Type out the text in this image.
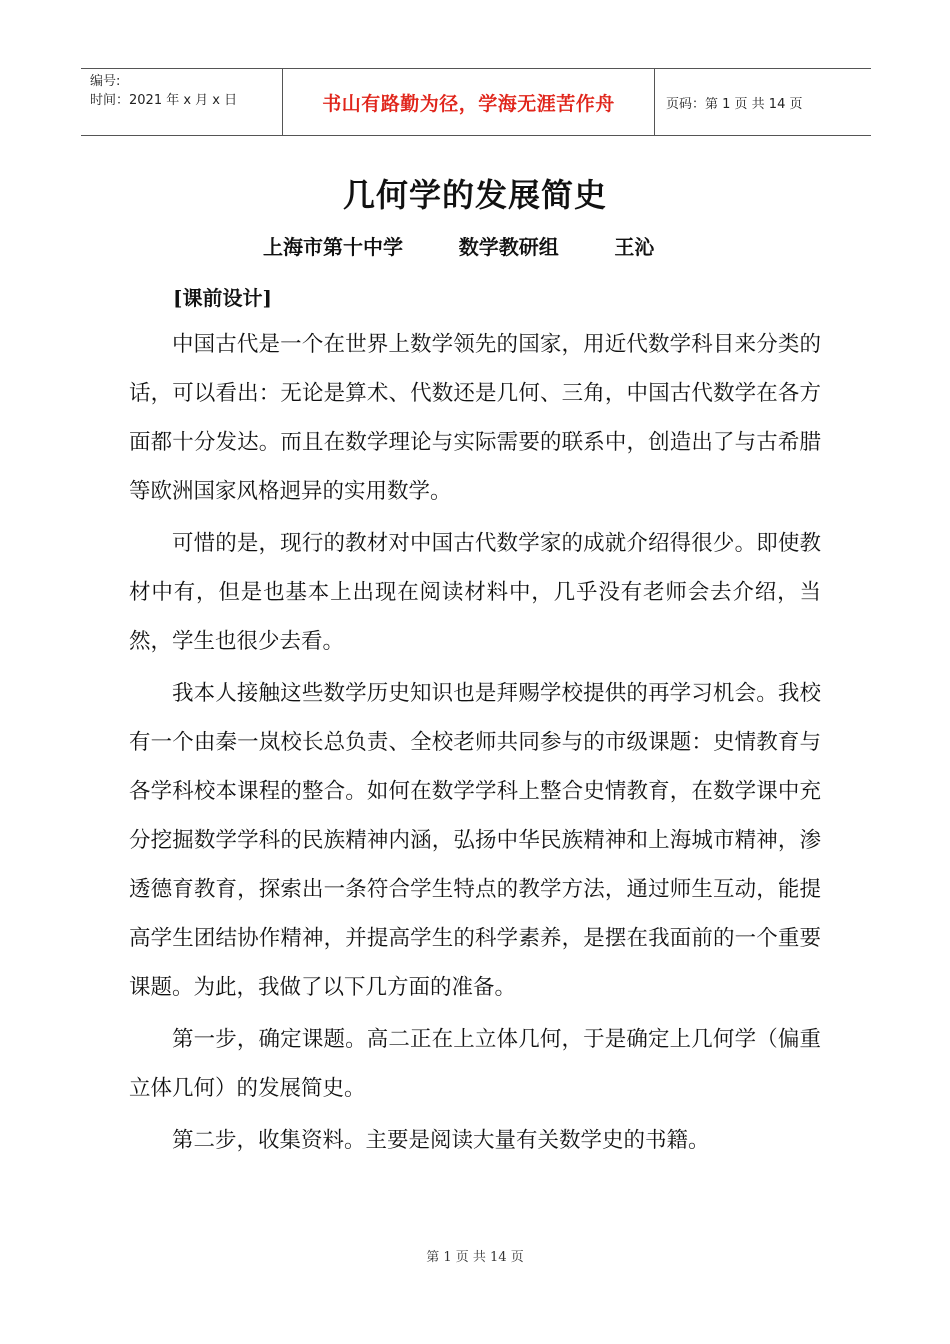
编号:
时间：2021 年 x 月 x 日	书山有路勤为径，学海无涯苦作舟	页码：第 1 页 共 14 页
几何学的发展简史
上海市第十中学        数学教研组        王沁
[课前设计]

中国古代是一个在世界上数学领先的国家，用近代数学科目来分类的话，可以看出：无论是算术、代数还是几何、三角，中国古代数学在各方面都十分发达。而且在数学理论与实际需要的联系中，创造出了与古希腊等欧洲国家风格迥异的实用数学。

可惜的是，现行的教材对中国古代数学家的成就介绍得很少。即使教材中有，但是也基本上出现在阅读材料中，几乎没有老师会去介绍，当然，学生也很少去看。

我本人接触这些数学历史知识也是拜赐学校提供的再学习机会。我校有一个由秦一岚校长总负责、全校老师共同参与的市级课题：史情教育与各学科校本课程的整合。如何在数学学科上整合史情教育，在数学课中充分挖掘数学学科的民族精神内涵，弘扬中华民族精神和上海城市精神，渗透德育教育，探索出一条符合学生特点的教学方法，通过师生互动，能提高学生团结协作精神，并提高学生的科学素养，是摆在我面前的一个重要课题。为此，我做了以下几方面的准备。

第一步，确定课题。高二正在上立体几何，于是确定上几何学（偏重立体几何）的发展简史。

第二步，收集资料。主要是阅读大量有关数学史的书籍。

第 1 页 共 14 页
